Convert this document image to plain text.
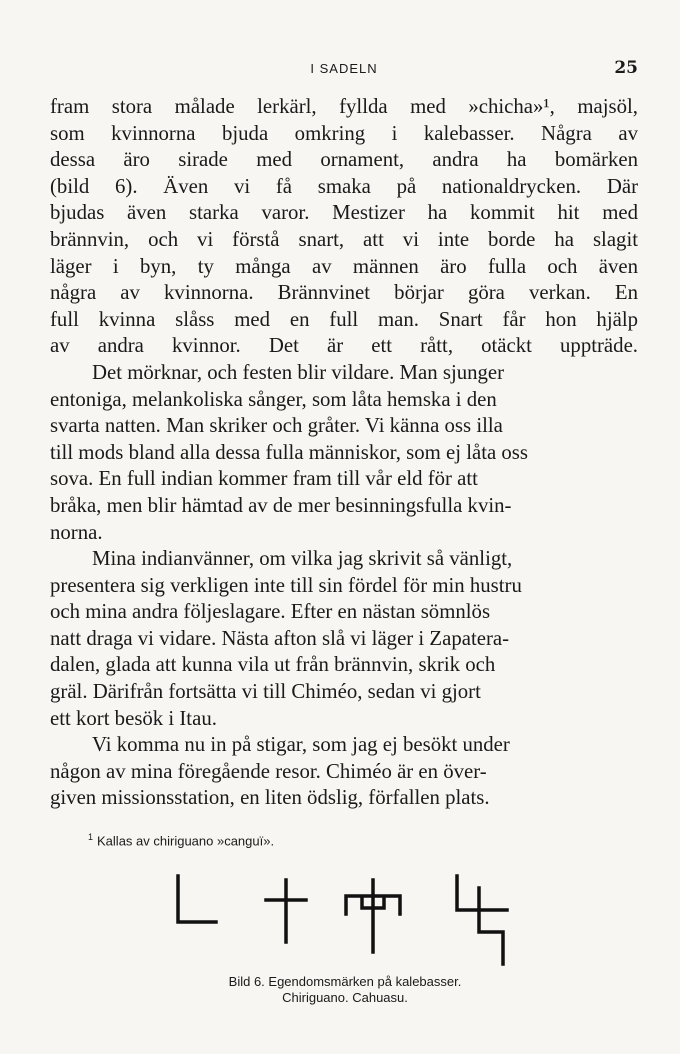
I SADELN	25

fram stora målade lerkärl, fyllda med »chicha»¹, majsöl,
som kvinnorna bjuda omkring i kalebasser. Några av
dessa äro sirade med ornament, andra ha bomärken
(bild 6). Även vi få smaka på nationaldrycken. Där
bjudas även starka varor. Mestizer ha kommit hit med
brännvin, och vi förstå snart, att vi inte borde ha slagit
läger i byn, ty många av männen äro fulla och även
några av kvinnorna. Brännvinet börjar göra verkan. En
full kvinna slåss med en full man. Snart får hon hjälp
av andra kvinnor. Det är ett rått, otäckt uppträde.

Det mörknar, och festen blir vildare. Man sjunger
entoniga, melankoliska sånger, som låta hemska i den
svarta natten. Man skriker och gråter. Vi känna oss illa
till mods bland alla dessa fulla människor, som ej låta oss
sova. En full indian kommer fram till vår eld för att
bråka, men blir hämtad av de mer besinningsfulla kvin-
norna.

Mina indianvänner, om vilka jag skrivit så vänligt,
presentera sig verkligen inte till sin fördel för min hustru
och mina andra följeslagare. Efter en nästan sömnlös
natt draga vi vidare. Nästa afton slå vi läger i Zapatera-
dalen, glada att kunna vila ut från brännvin, skrik och
gräl. Därifrån fortsätta vi till Chiméo, sedan vi gjort
ett kort besök i Itau.

Vi komma nu in på stigar, som jag ej besökt under
någon av mina föregående resor. Chiméo är en över-
given missionsstation, en liten ödslig, förfallen plats.

$^1$ Kallas av chiriguano »canguï».
Bild 6. Egendomsmärken på kalebasser.
Chiriguano. Cahuasu.
